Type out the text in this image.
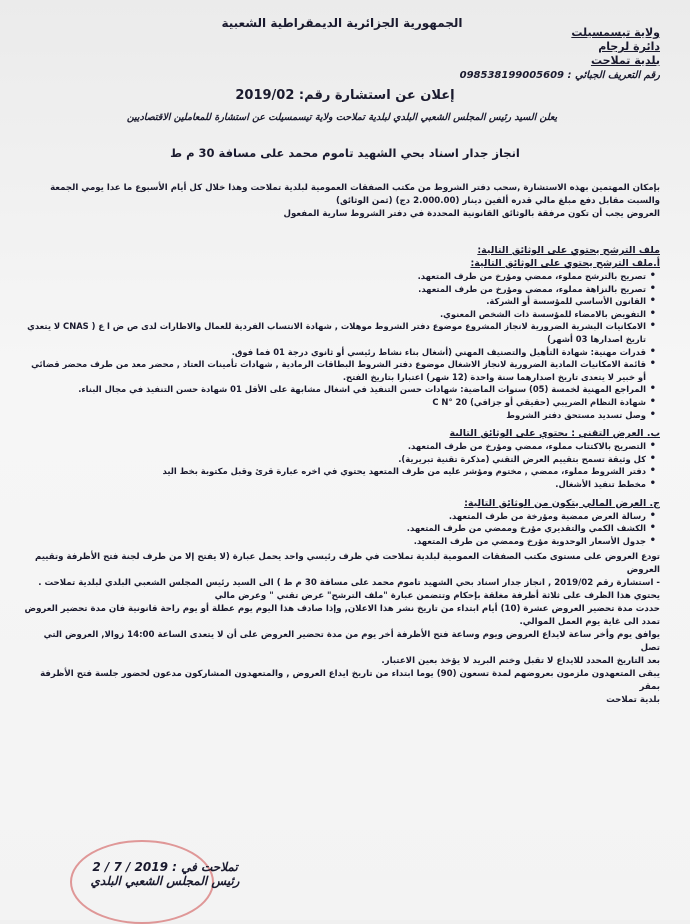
الجمهورية الجزائرية الديمقراطية الشعبية
ولاية تيسمسيلت
دائرة لرجام
بلدية تملاحت
رقم التعريف الجبائي : 098538199005609
إعلان عن استشارة رقم: 2019/02
يعلن السيد رئيس المجلس الشعبي البلدي لبلدية تملاحت ولاية تيسمسيلت عن استشارة للمعاملين الاقتصاديين
انجاز جدار اسناد بحي الشهيد تاموم محمد على مسافة 30 م ط
بإمكان المهتمين بهذه الاستشارة ,سحب دفتر الشروط من مكتب الصفقات العمومية لبلدية تملاحت وهذا خلال كل أيام الأسبوع ما عدا يومي الجمعة
والسبت مقابل دفع مبلغ مالي قدره ألفين دينار (2.000.00 دج) (ثمن الوثائق)
العروض يجب أن تكون مرفقة بالوثائق القانونية المحددة في دفتر الشروط سارية المفعول
ملف الترشح يحتوي على الوثائق التالية:
أ.ملف الترشح يحتوي على الوثائق التالية:
• تصريح بالترشح مملوء، ممضي ومؤرخ من طرف المتعهد.
• تصريح بالنزاهة مملوء، ممضي ومؤرخ من طرف المتعهد.
• القانون الأساسي للمؤسسة أو الشركة.
• التفويض بالامضاء للمؤسسة ذات الشخص المعنوي.
• الامكانيات البشرية الضرورية لانجاز المشروع موضوع دفتر الشروط موهلات , شهادة الانتساب الفردية للعمال والاطارات لدى ص ض ا ع ( CNAS لا يتعدي تاريخ اصدارها 03 أشهر)
• قدرات مهنية: شهادة التأهيل والتصنيف المهني (أشغال بناء نشاط رئيسي أو ثانوي درجة 01 فما فوق.
• قائمة الامكانيات المادية الضرورية لانجاز الاشغال موضوع دفتر الشروط البطاقات الرمادية , شهادات تأمينات العتاد , محضر معد من طرف محضر قضائي أو خبير لا يتعدى تاريخ اصدارهما سنة واحدة (12 شهر) اعتبارا بتاريخ الفتح.
• المراجع المهنية لخمسة (05) سنوات الماضية: شهادات حسن التنفيذ في اشغال مشابهة على الأقل 01 شهادة حسن التنفيذ في مجال البناء.
• شهادة النظام الضريبي (حقيقي أو جزافي) C N° 20
• وصل تسديد مستحق دفتر الشروط
ب. العرض التقني : يحتوي على الوثائق التالية
• التصريح بالاكتتاب مملوء، ممضي ومؤرخ من طرف المتعهد.
• كل وثيقة تسمح بتقييم العرض التقني (مذكرة تقنية تبريرية).
• دفتر الشروط مملوء، ممضي , مختوم ومؤشر عليه من طرف المتعهد يحتوي في اخره عبارة قرئ وقبل مكتوبة بخط اليد
• مخطط تنفيذ الأشغال.
ج. العرض المالي يتكون من الوثائق التالية:
• رسالة العرض ممضية ومؤرخة من طرف المتعهد.
• الكشف الكمي والتقديري مؤرخ وممضي من طرف المتعهد.
• جدول الأسعار الوحدوية مؤرخ وممضي من طرف المتعهد.
تودع العروض على مستوى مكتب الصفقات العمومية لبلدية تملاحت في ظرف رئيسي واحد يحمل عبارة (لا يفتح إلا من طرف لجنة فتح الأظرفة وتقييم العروض
- استشارة رقم 2019/02 , انجاز جدار اسناد بحي الشهيد تاموم محمد على مسافة 30 م ط ) الى السيد رئيس المجلس الشعبي البلدي لبلدية تملاحت .
يحتوي هذا الظرف على ثلاثة أظرفة مغلقة بإحكام وتتضمن عبارة "ملف الترشح" عرض تقني " وعرض مالي
حددت مدة تحضير العروض عشرة (10) أيام ابتداء من تاريخ نشر هذا الاعلان, وإذا صادف هذا اليوم يوم عطلة أو يوم راحة قانونية فان مدة تحضير العروض
تمدد الى غاية يوم العمل الموالي.
يوافق يوم وأخر ساعة لايداع العروض ويوم وساعة فتح الأظرفة أخر يوم من مدة تحضير العروض على أن لا يتعدى الساعة 14:00 زوالا, العروض التي تصل
بعد التاريخ المحدد للايداع لا تقبل وختم البريد لا يؤخذ بعين الاعتبار.
يبقى المتعهدون ملزمون بعروضهم لمدة تسعون (90) يوما ابتداء من تاريخ ايداع العروض , والمتعهدون المشاركون مدعون لحضور جلسة فتح الأظرفة بمقر
بلدية تملاحت
تملاحت في : 2019 / 7 / 2
رئيس المجلس الشعبي البلدي
